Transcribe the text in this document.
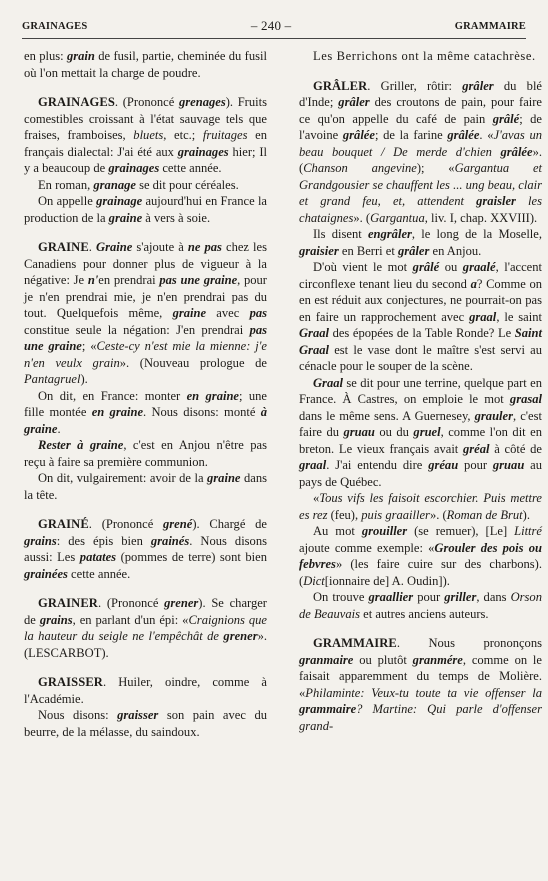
GRAINAGES	– 240 –	GRAMMAIRE

en plus: grain de fusil, partie, cheminée du fusil où l'on mettait la charge de poudre.

GRAINAGES. (Prononcé grenages). Fruits comestibles croissant à l'état sauvage tels que fraises, framboises, bluets, etc.; fruitages en français dialectal: J'ai été aux grainages hier; Il y a beaucoup de grainages cette année.

En roman, granage se dit pour céréales.

On appelle grainage aujourd'hui en France la production de la graine à vers à soie.

GRAINE. Graine s'ajoute à ne pas chez les Canadiens pour donner plus de vigueur à la négative: Je n'en prendrai pas une graine, pour je n'en prendrai mie, je n'en prendrai pas du tout. Quelquefois même, graine avec pas constitue seule la négation: J'en prendrai pas une graine; «Ceste-cy n'est mie la mienne: j'e n'en veulx grain». (Nouveau prologue de Pantagruel).

On dit, en France: monter en graine; une fille montée en graine. Nous disons: monté à graine.

Rester à graine, c'est en Anjou n'être pas reçu à faire sa première communion.

On dit, vulgairement: avoir de la graine dans la tête.

GRAINÉ. (Prononcé grené). Chargé de grains: des épis bien grainés. Nous disons aussi: Les patates (pommes de terre) sont bien grainées cette année.

GRAINER. (Prononcé grener). Se charger de grains, en parlant d'un épi: «Craignions que la hauteur du seigle ne l'empêchât de grener». (LESCARBOT).

GRAISSER. Huiler, oindre, comme à l'Académie.

Nous disons: graisser son pain avec du beurre, de la mélasse, du saindoux.

Les Berrichons ont la même catachrèse.

GRÂLER. Griller, rôtir: grâler du blé d'Inde; grâler des croutons de pain, pour faire ce qu'on appelle du café de pain grâlé; de l'avoine grâlée; de la farine grâlée. «J'avas un beau bouquet / De merde d'chien grâlée». (Chanson angevine); «Gargantua et Grandgousier se chauffent les ... ung beau, clair et grand feu, et, attendent graisler les chataignes». (Gargantua, liv. I, chap. XXVIII).

Ils disent engrâler, le long de la Moselle, graisier en Berri et grâler en Anjou.

D'où vient le mot grâlé ou graalé, l'accent circonflexe tenant lieu du second a? Comme on en est réduit aux conjectures, ne pourrait-on pas en faire un rapprochement avec graal, le saint Graal des épopées de la Table Ronde? Le Saint Graal est le vase dont le maître s'est servi au cénacle pour le souper de la scène.

Graal se dit pour une terrine, quelque part en France. À Castres, on emploie le mot grasal dans le même sens. A Guernesey, grauler, c'est faire du gruau ou du gruel, comme l'on dit en breton. Le vieux français avait gréal à côté de graal. J'ai entendu dire gréau pour gruau au pays de Québec.

«Tous vifs les faisoit escorchier. Puis mettre es rez (feu), puis graailler». (Roman de Brut).

Au mot grouiller (se remuer), [Le] Littré ajoute comme exemple: «Grouler des pois ou febvres» (les faire cuire sur des charbons). (Dict[ionnaire de] A. Oudin]).

On trouve graallier pour griller, dans Orson de Beauvais et autres anciens auteurs.

GRAMMAIRE. Nous prononçons granmaire ou plutôt granmére, comme on le faisait apparemment du temps de Molière. «Philaminte: Veux-tu toute ta vie offenser la grammaire? Martine: Qui parle d'offenser grand-
